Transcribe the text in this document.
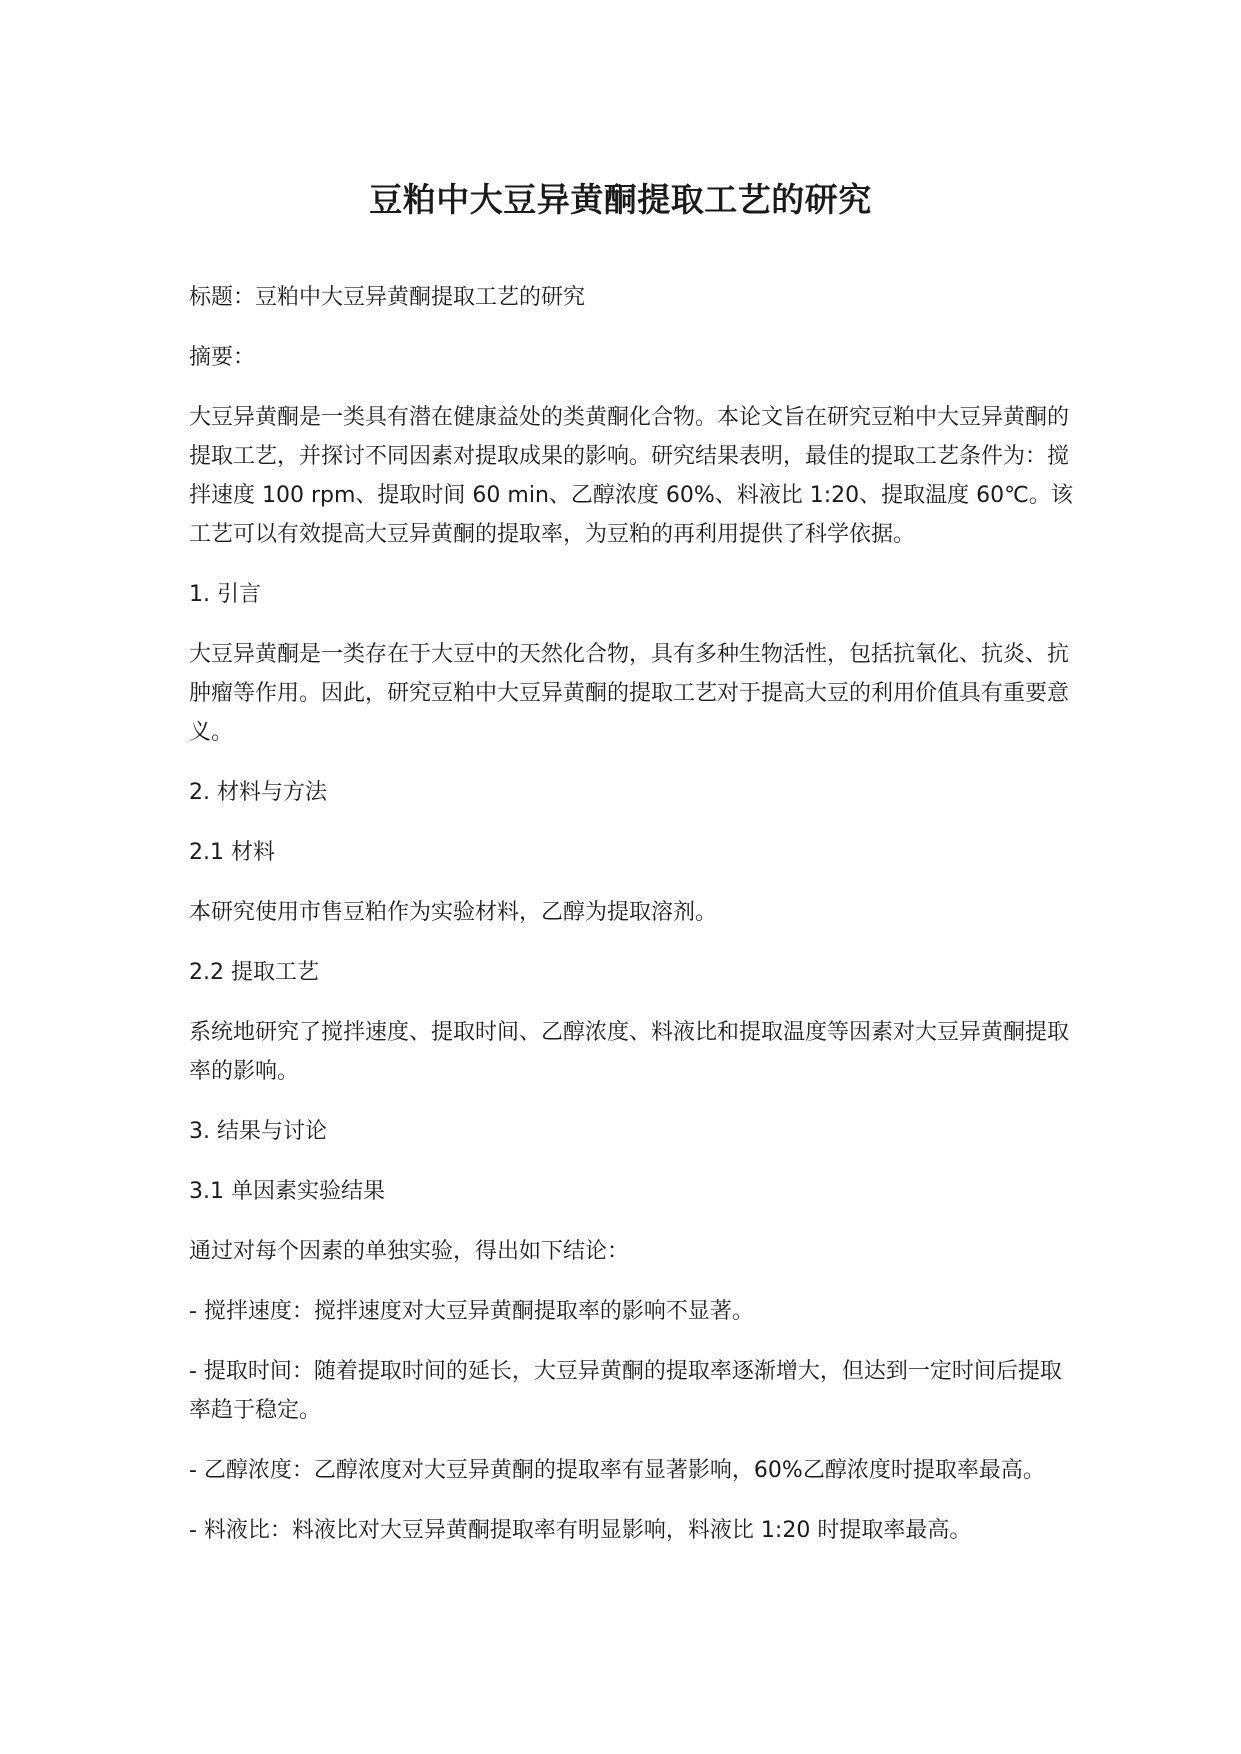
豆粕中大豆异黄酮提取工艺的研究

标题：豆粕中大豆异黄酮提取工艺的研究

摘要：

大豆异黄酮是一类具有潜在健康益处的类黄酮化合物。本论文旨在研究豆粕中大豆异黄酮的提取工艺，并探讨不同因素对提取成果的影响。研究结果表明，最佳的提取工艺条件为：搅拌速度 100 rpm、提取时间 60 min、乙醇浓度 60%、料液比 1:20、提取温度 60℃。该工艺可以有效提高大豆异黄酮的提取率，为豆粕的再利用提供了科学依据。

1. 引言

大豆异黄酮是一类存在于大豆中的天然化合物，具有多种生物活性，包括抗氧化、抗炎、抗肿瘤等作用。因此，研究豆粕中大豆异黄酮的提取工艺对于提高大豆的利用价值具有重要意义。

2. 材料与方法

2.1 材料

本研究使用市售豆粕作为实验材料，乙醇为提取溶剂。

2.2 提取工艺

系统地研究了搅拌速度、提取时间、乙醇浓度、料液比和提取温度等因素对大豆异黄酮提取率的影响。

3. 结果与讨论

3.1 单因素实验结果

通过对每个因素的单独实验，得出如下结论：

- 搅拌速度：搅拌速度对大豆异黄酮提取率的影响不显著。

- 提取时间：随着提取时间的延长，大豆异黄酮的提取率逐渐增大，但达到一定时间后提取率趋于稳定。

- 乙醇浓度：乙醇浓度对大豆异黄酮的提取率有显著影响，60%乙醇浓度时提取率最高。

- 料液比：料液比对大豆异黄酮提取率有明显影响，料液比 1:20 时提取率最高。
